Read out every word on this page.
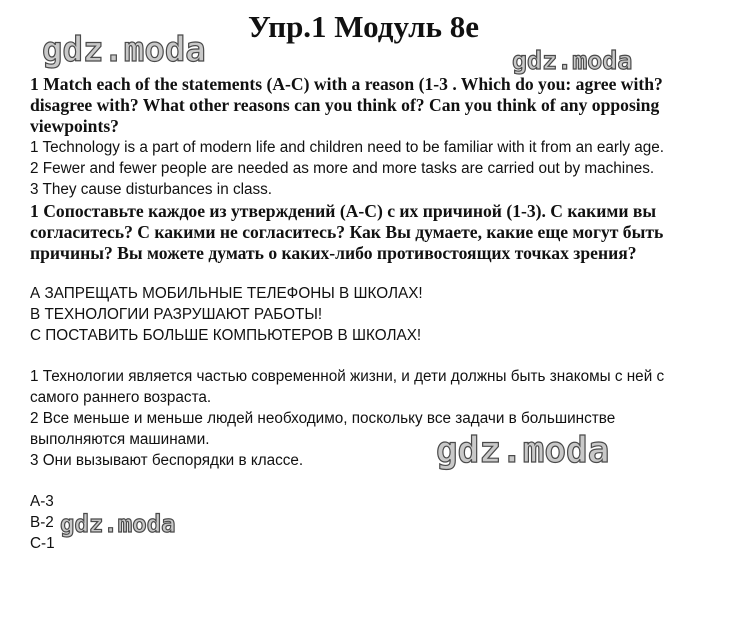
Упр.1 Модуль 8е
1 Match each of the statements (A-C) with a reason (1-3 . Which do you: agree with?
disagree with? What other reasons can you think of? Can you think of any opposing
viewpoints?
1 Technology is a part of modern life and children need to be familiar with it from an early age.
2 Fewer and fewer people are needed as more and more tasks are carried out by machines.
3 They cause disturbances in class.
1 Сопоставьте каждое из утверждений (А-С) с их причиной (1-3). С какими вы
согласитесь? С какими не согласитесь? Как Вы думаете, какие еще могут быть
причины? Вы можете думать о каких-либо противостоящих точках зрения?
А ЗАПРЕЩАТЬ МОБИЛЬНЫЕ ТЕЛЕФОНЫ В ШКОЛАХ!
В ТЕХНОЛОГИИ РАЗРУШАЮТ РАБОТЫ!
С ПОСТАВИТЬ БОЛЬШЕ КОМПЬЮТЕРОВ В ШКОЛАХ!
1 Технологии является частью современной жизни, и дети должны быть знакомы с ней с
самого раннего возраста.
2 Все меньше и меньше людей необходимо, поскольку все задачи в большинстве
выполняются машинами.
3 Они вызывают беспорядки в классе.
А-3
В-2
С-1
gdz.moda	gdz.moda
gdz.moda
gdz.moda
